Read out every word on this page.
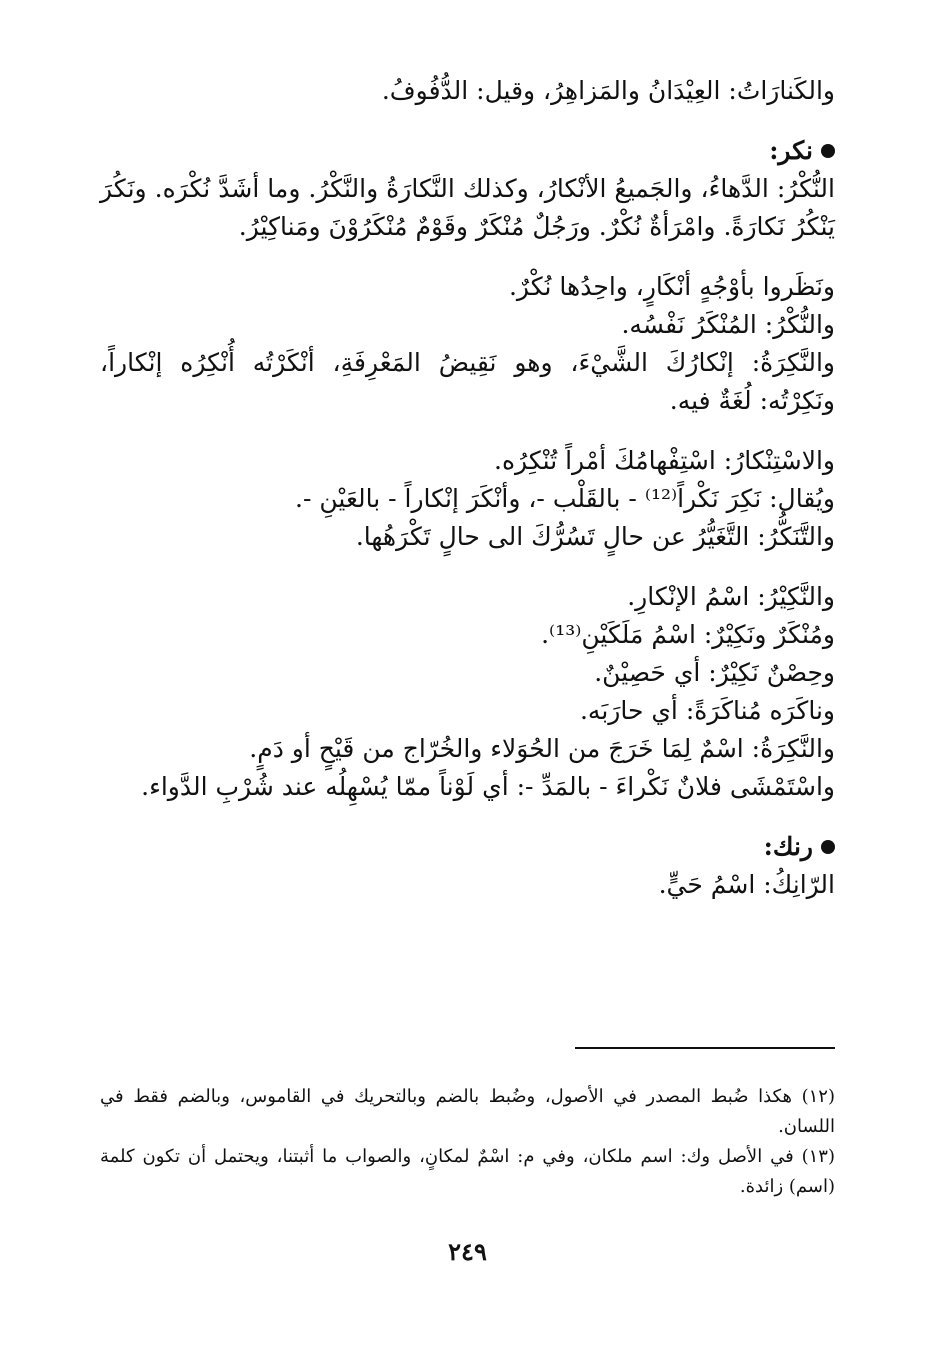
والكَنارَاتُ: العِيْدَانُ والمَزاهِرُ، وقيل: الدُّفُوفُ.
نكر:
النُّكْرُ: الدَّهاءُ، والجَميعُ الأنْكارُ، وكذلك النَّكارَةُ والنَّكْرُ. وما أشَدَّ نُكْرَه. ونَكُرَ يَنْكُرُ نَكارَةً. وامْرَأةٌ نُكْرٌ. ورَجُلٌ مُنْكَرٌ وقَوْمٌ مُنْكَرُوْنَ ومَناكِيْرُ.
ونَظَروا بأوْجُهٍ أنْكَارٍ، واحِدُها نُكْرٌ.
والنُّكْرُ: المُنْكَرُ نَفْسُه.
والنَّكِرَةُ: إنْكارُكَ الشَّيْءَ، وهو نَقِيضُ المَعْرِفَةِ، أنْكَرْتُه أُنْكِرُه إنْكاراً، ونَكِرْتُه: لُغَةٌ فيه.
والاسْتِنْكارُ: اسْتِفْهامُكَ أمْراً تُنْكِرُه.
ويُقال: نَكِرَ نَكْراً⁽¹²⁾ - بالقَلْب -، وأنْكَرَ إنْكاراً - بالعَيْنِ -.
والتَّنَكُّرُ: التَّغَيُّرُ عن حالٍ تَسُرُّكَ الى حالٍ تَكْرَهُها.
والنَّكِيْرُ: اسْمُ الإنْكارِ.
ومُنْكَرٌ ونَكِيْرٌ: اسْمُ مَلَكَيْنِ⁽¹³⁾.
وحِصْنٌ نَكِيْرٌ: أي حَصِيْنٌ.
وناكَرَه مُناكَرَةً: أي حارَبَه.
والنَّكِرَةُ: اسْمٌ لِمَا خَرَجَ من الحُوَلاء والخُرّاج من قَيْحٍ أو دَمٍ.
واسْتَمْشَى فلانٌ نَكْراءَ - بالمَدِّ -: أي لَوْناً ممّا يُسْهِلُه عند شُرْبِ الدَّواء.
رنك:
الرّانِكُ: اسْمُ حَيٍّ.
(١٢) هكذا ضُبط المصدر في الأصول، وضُبط بالضم وبالتحريك في القاموس، وبالضم فقط في اللسان.
(١٣) في الأصل وك: اسم ملكان، وفي م: اسْمٌ لمكانٍ، والصواب ما أثبتنا، ويحتمل أن تكون كلمة (اسم) زائدة.
٢٤٩
